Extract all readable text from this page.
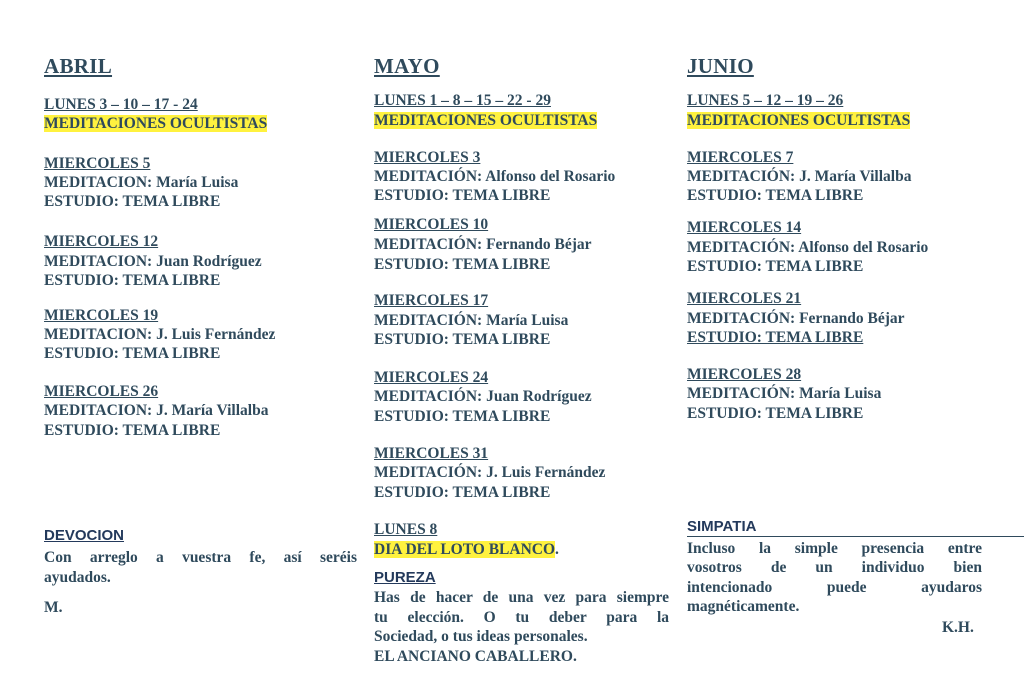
ABRIL
LUNES 3 – 10 – 17 - 24
MEDITACIONES OCULTISTAS
MIERCOLES 5
MEDITACION: María Luisa
ESTUDIO: TEMA LIBRE
MIERCOLES 12
MEDITACION: Juan Rodríguez
ESTUDIO: TEMA LIBRE
MIERCOLES 19
MEDITACION: J. Luis Fernández
ESTUDIO: TEMA LIBRE
MIERCOLES 26
MEDITACION: J. María Villalba
ESTUDIO: TEMA LIBRE
DEVOCION
Con arreglo a vuestra fe, así seréis
ayudados.
M.
MAYO
LUNES 1 – 8 – 15 – 22 - 29
MEDITACIONES OCULTISTAS
MIERCOLES 3
MEDITACIÓN: Alfonso del Rosario
ESTUDIO: TEMA LIBRE
MIERCOLES 10
MEDITACIÓN: Fernando Béjar
ESTUDIO: TEMA LIBRE
MIERCOLES 17
MEDITACIÓN: María Luisa
ESTUDIO: TEMA LIBRE
MIERCOLES 24
MEDITACIÓN: Juan Rodríguez
ESTUDIO: TEMA LIBRE
MIERCOLES 31
MEDITACIÓN: J. Luis Fernández
ESTUDIO: TEMA LIBRE
LUNES 8
DIA DEL LOTO BLANCO.
PUREZA
Has de hacer de una vez para siempre
tu elección. O tu deber para la
Sociedad, o tus ideas personales.
EL ANCIANO CABALLERO.
JUNIO
LUNES 5 – 12 – 19 – 26
MEDITACIONES OCULTISTAS
MIERCOLES 7
MEDITACIÓN: J. María Villalba
ESTUDIO: TEMA LIBRE
MIERCOLES 14
MEDITACIÓN: Alfonso del Rosario
ESTUDIO: TEMA LIBRE
MIERCOLES 21
MEDITACIÓN: Fernando Béjar
ESTUDIO: TEMA LIBRE
MIERCOLES 28
MEDITACIÓN: María Luisa
ESTUDIO: TEMA LIBRE
SIMPATIA
Incluso la simple presencia entre
vosotros de un individuo bien
intencionado puede ayudaros
magnéticamente.
K.H.
